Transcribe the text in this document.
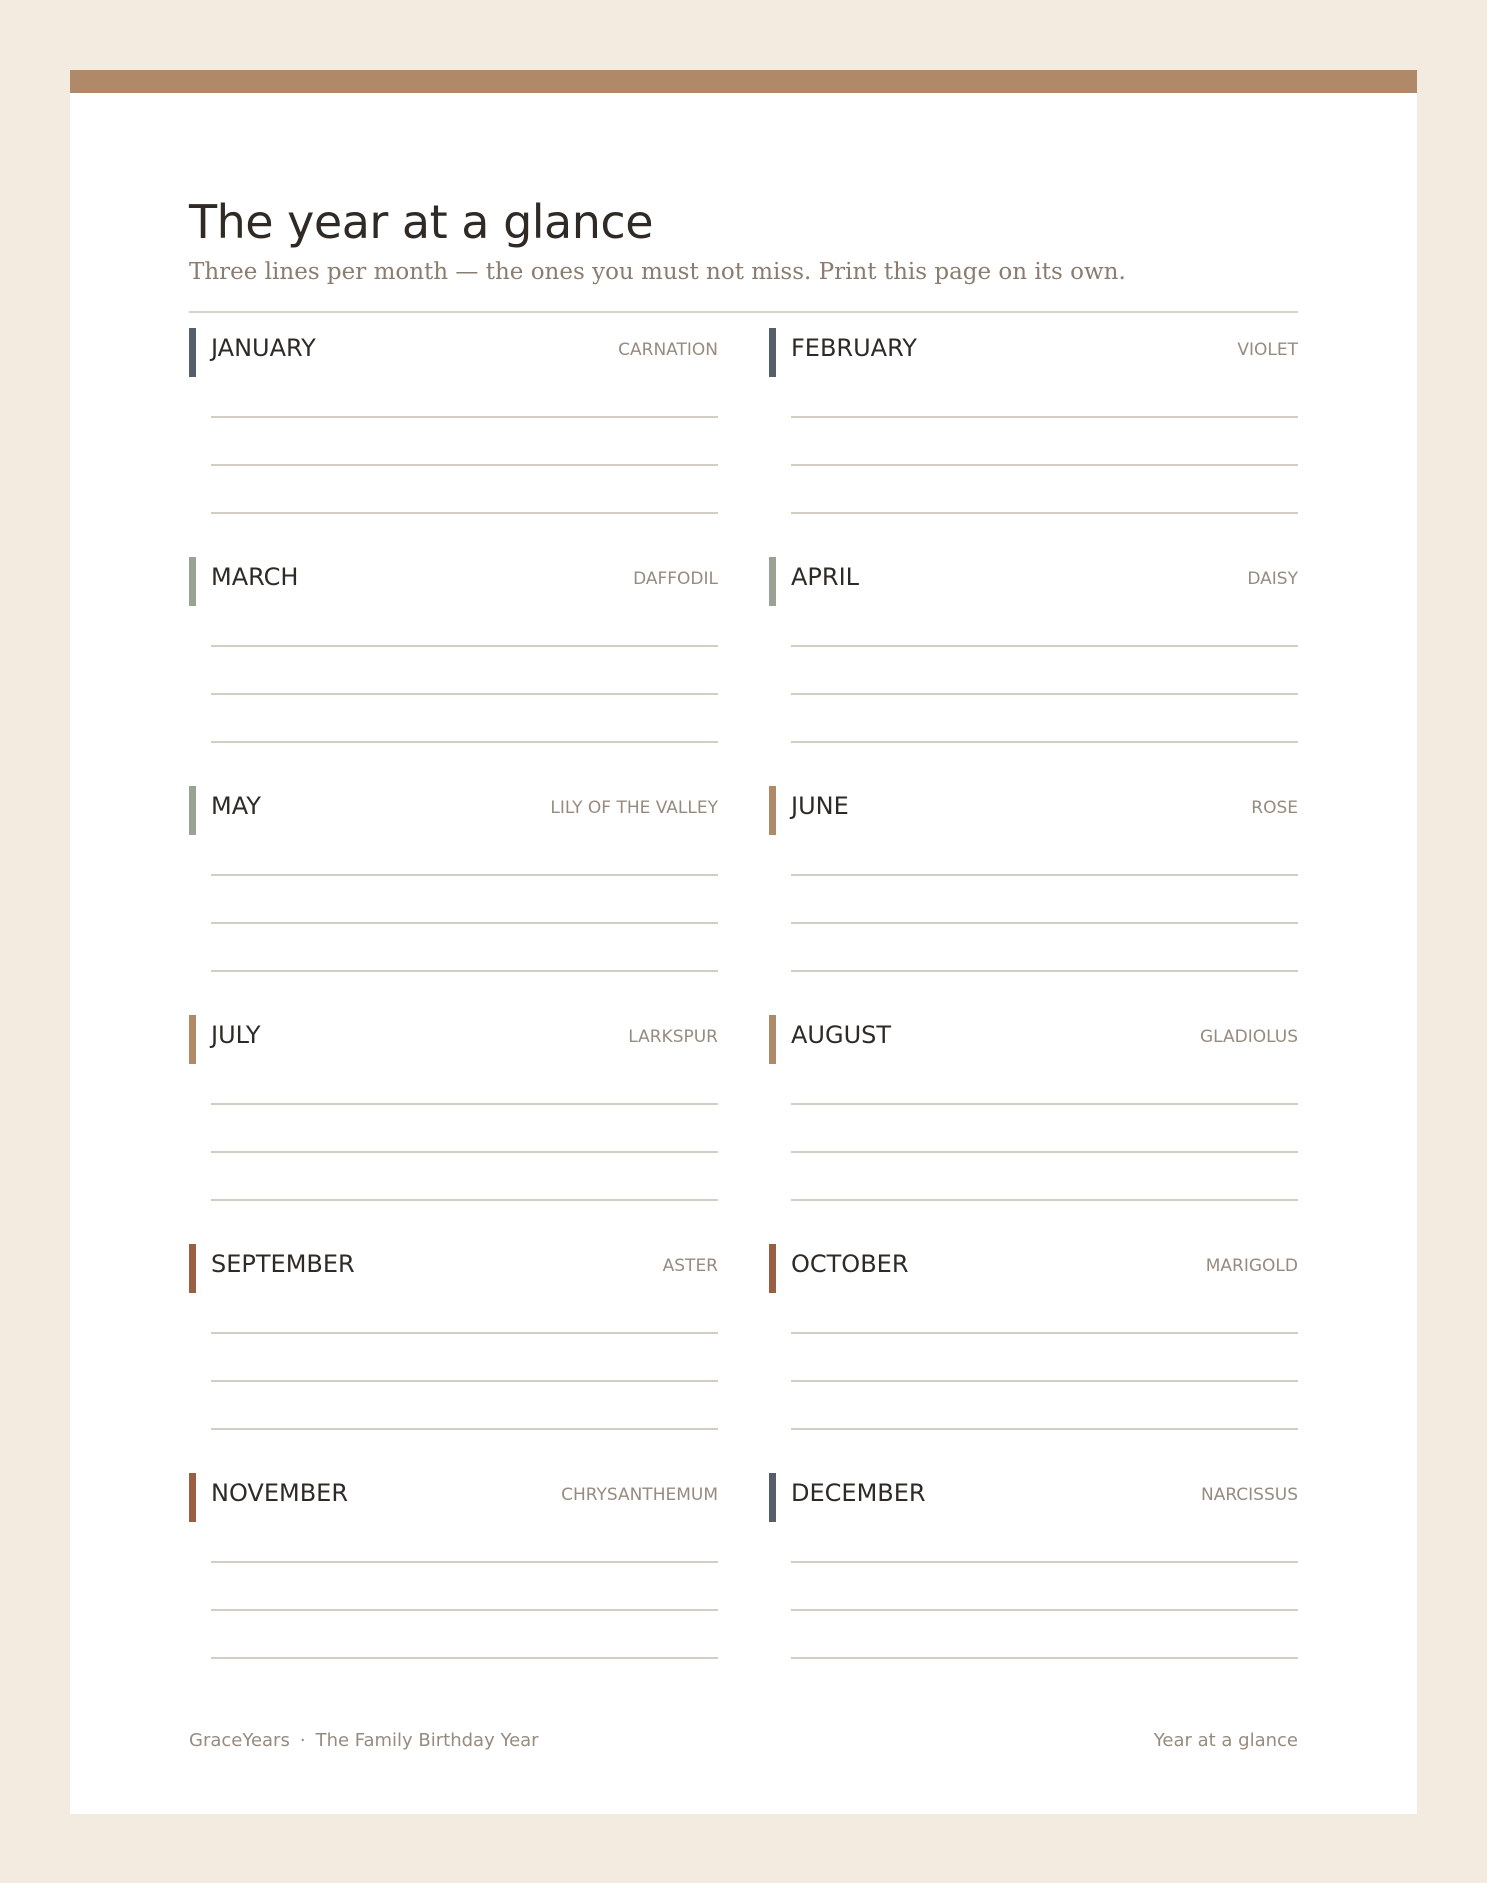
The year at a glance
Three lines per month — the ones you must not miss. Print this page on its own.
JANUARY	CARNATION	FEBRUARY	VIOLET
MARCH	DAFFODIL	APRIL	DAISY
MAY	LILY OF THE VALLEY	JUNE	ROSE
JULY	LARKSPUR	AUGUST	GLADIOLUS
SEPTEMBER	ASTER	OCTOBER	MARIGOLD
NOVEMBER	CHRYSANTHEMUM	DECEMBER	NARCISSUS
GraceYears · The Family Birthday Year	Year at a glance
